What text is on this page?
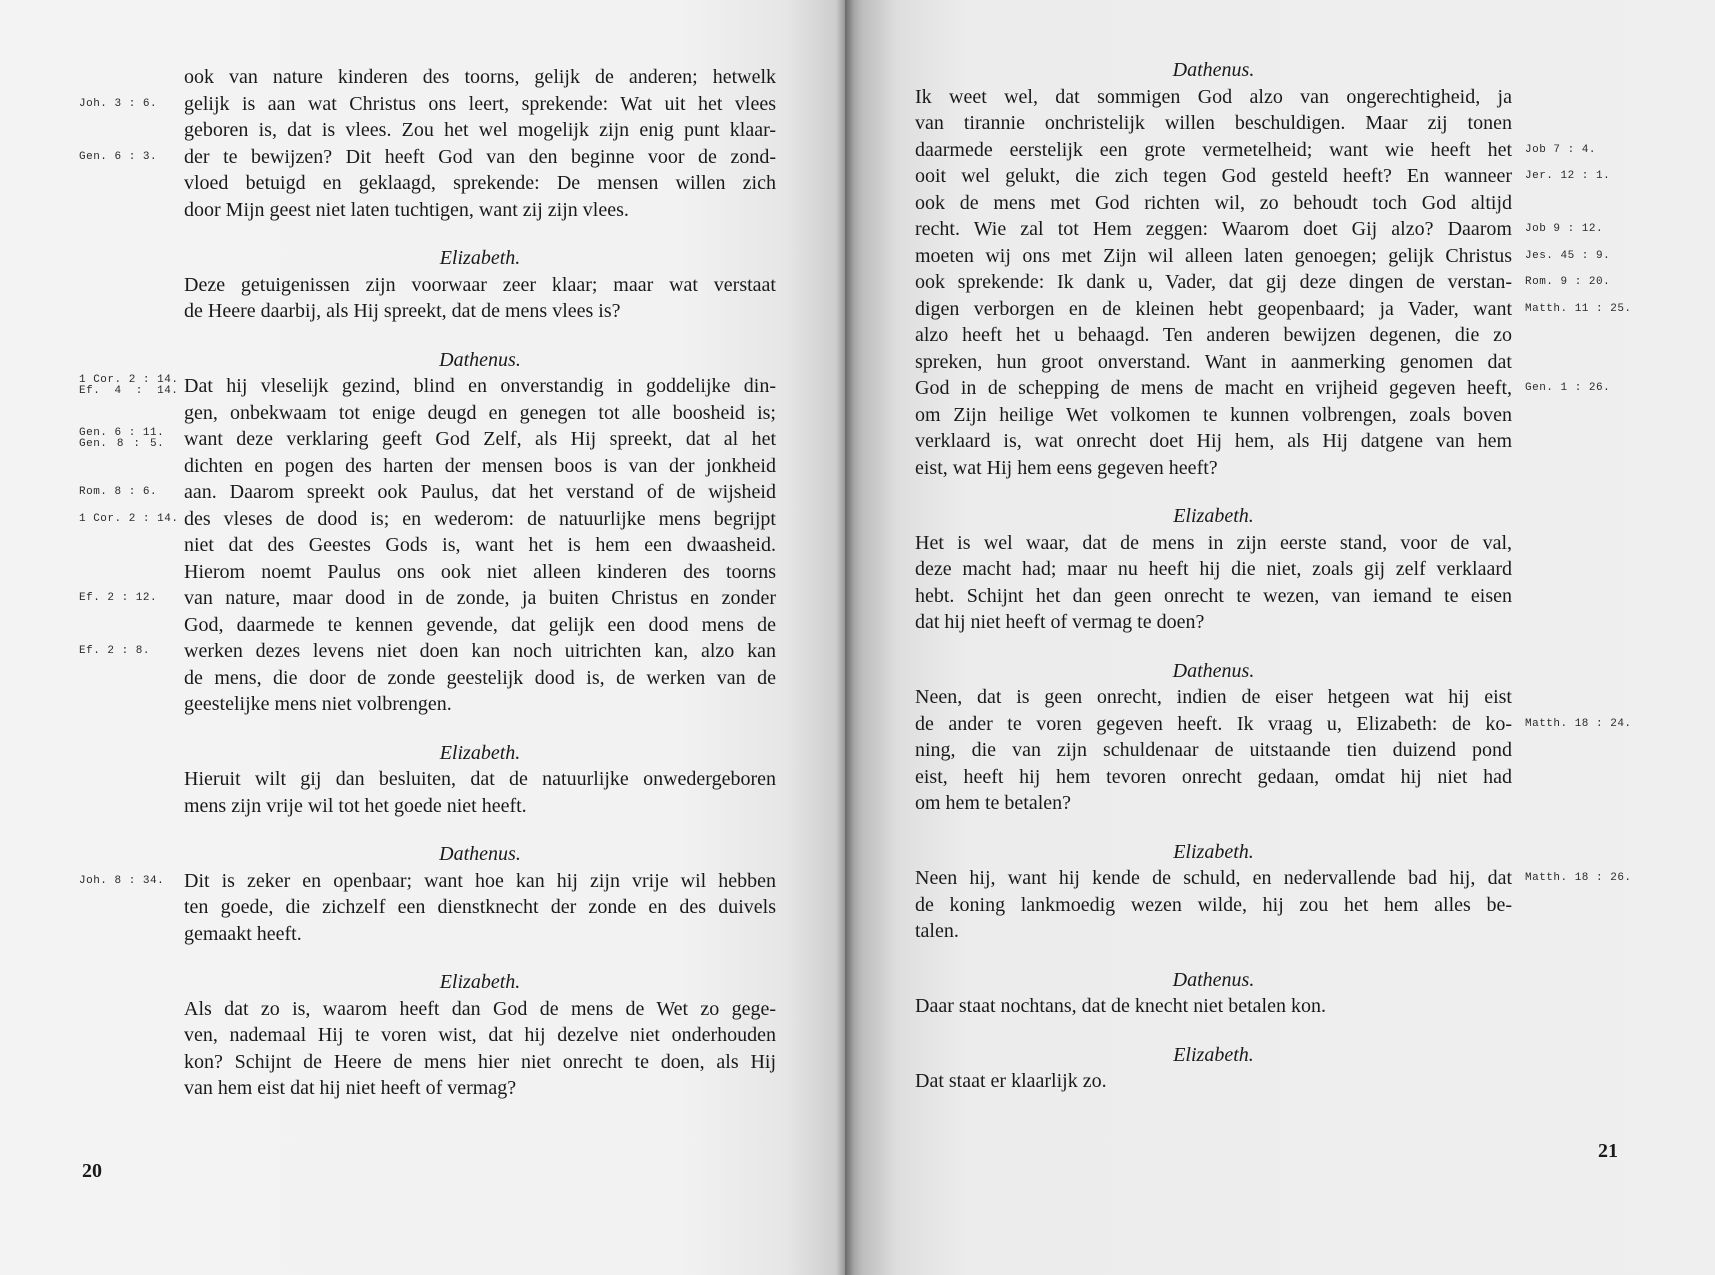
ook van nature kinderen des toorns, gelijk de anderen; hetwelk
gelijk is aan wat Christus ons leert, sprekende: Wat uit het vlees
Joh. 3 : 6.
geboren is, dat is vlees. Zou het wel mogelijk zijn enig punt klaar-
der te bewijzen? Dit heeft God van den beginne voor de zond-
Gen. 6 : 3.
vloed betuigd en geklaagd, sprekende: De mensen willen zich
door Mijn geest niet laten tuchtigen, want zij zijn vlees.
Elizabeth.
Deze getuigenissen zijn voorwaar zeer klaar; maar wat verstaat
de Heere daarbij, als Hij spreekt, dat de mens vlees is?
Dathenus.
Dat hij vleselijk gezind, blind en onverstandig in goddelijke din-
1 Cor. 2 : 14.
Ef. 4 : 14.
gen, onbekwaam tot enige deugd en genegen tot alle boosheid is;
want deze verklaring geeft God Zelf, als Hij spreekt, dat al het
Gen. 6 : 11.
Gen. 8 : 5.
dichten en pogen des harten der mensen boos is van der jonkheid
aan. Daarom spreekt ook Paulus, dat het verstand of de wijsheid
Rom. 8 : 6.
des vleses de dood is; en wederom: de natuurlijke mens begrijpt
1 Cor. 2 : 14.
niet dat des Geestes Gods is, want het is hem een dwaasheid.
Hierom noemt Paulus ons ook niet alleen kinderen des toorns
van nature, maar dood in de zonde, ja buiten Christus en zonder
Ef. 2 : 12.
God, daarmede te kennen gevende, dat gelijk een dood mens de
werken dezes levens niet doen kan noch uitrichten kan, alzo kan
Ef. 2 : 8.
de mens, die door de zonde geestelijk dood is, de werken van de
geestelijke mens niet volbrengen.
Elizabeth.
Hieruit wilt gij dan besluiten, dat de natuurlijke onwedergeboren
mens zijn vrije wil tot het goede niet heeft.
Dathenus.
Dit is zeker en openbaar; want hoe kan hij zijn vrije wil hebben
Joh. 8 : 34.
ten goede, die zichzelf een dienstknecht der zonde en des duivels
gemaakt heeft.
Elizabeth.
Als dat zo is, waarom heeft dan God de mens de Wet zo gege-
ven, nademaal Hij te voren wist, dat hij dezelve niet onderhouden
kon? Schijnt de Heere de mens hier niet onrecht te doen, als Hij
van hem eist dat hij niet heeft of vermag?
20
Dathenus.
Ik weet wel, dat sommigen God alzo van ongerechtigheid, ja
van tirannie onchristelijk willen beschuldigen. Maar zij tonen
daarmede eerstelijk een grote vermetelheid; want wie heeft het Job 7 : 4.
ooit wel gelukt, die zich tegen God gesteld heeft? En wanneer Jer. 12 : 1.
ook de mens met God richten wil, zo behoudt toch God altijd
recht. Wie zal tot Hem zeggen: Waarom doet Gij alzo? Daarom Job 9 : 12.
moeten wij ons met Zijn wil alleen laten genoegen; gelijk Christus Jes. 45 : 9.
ook sprekende: Ik dank u, Vader, dat gij deze dingen de verstan- Rom. 9 : 20.
digen verborgen en de kleinen hebt geopenbaard; ja Vader, want Matth. 11 : 25.
alzo heeft het u behaagd. Ten anderen bewijzen degenen, die zo
spreken, hun groot onverstand. Want in aanmerking genomen dat
God in de schepping de mens de macht en vrijheid gegeven heeft, Gen. 1 : 26.
om Zijn heilige Wet volkomen te kunnen volbrengen, zoals boven
verklaard is, wat onrecht doet Hij hem, als Hij datgene van hem
eist, wat Hij hem eens gegeven heeft?
Elizabeth.
Het is wel waar, dat de mens in zijn eerste stand, voor de val,
deze macht had; maar nu heeft hij die niet, zoals gij zelf verklaard
hebt. Schijnt het dan geen onrecht te wezen, van iemand te eisen
dat hij niet heeft of vermag te doen?
Dathenus.
Neen, dat is geen onrecht, indien de eiser hetgeen wat hij eist
de ander te voren gegeven heeft. Ik vraag u, Elizabeth: de ko- Matth. 18 : 24.
ning, die van zijn schuldenaar de uitstaande tien duizend pond
eist, heeft hij hem tevoren onrecht gedaan, omdat hij niet had
om hem te betalen?
Elizabeth.
Neen hij, want hij kende de schuld, en nedervallende bad hij, dat Matth. 18 : 26.
de koning lankmoedig wezen wilde, hij zou het hem alles be-
talen.
Dathenus.
Daar staat nochtans, dat de knecht niet betalen kon.
Elizabeth.
Dat staat er klaarlijk zo.
21
